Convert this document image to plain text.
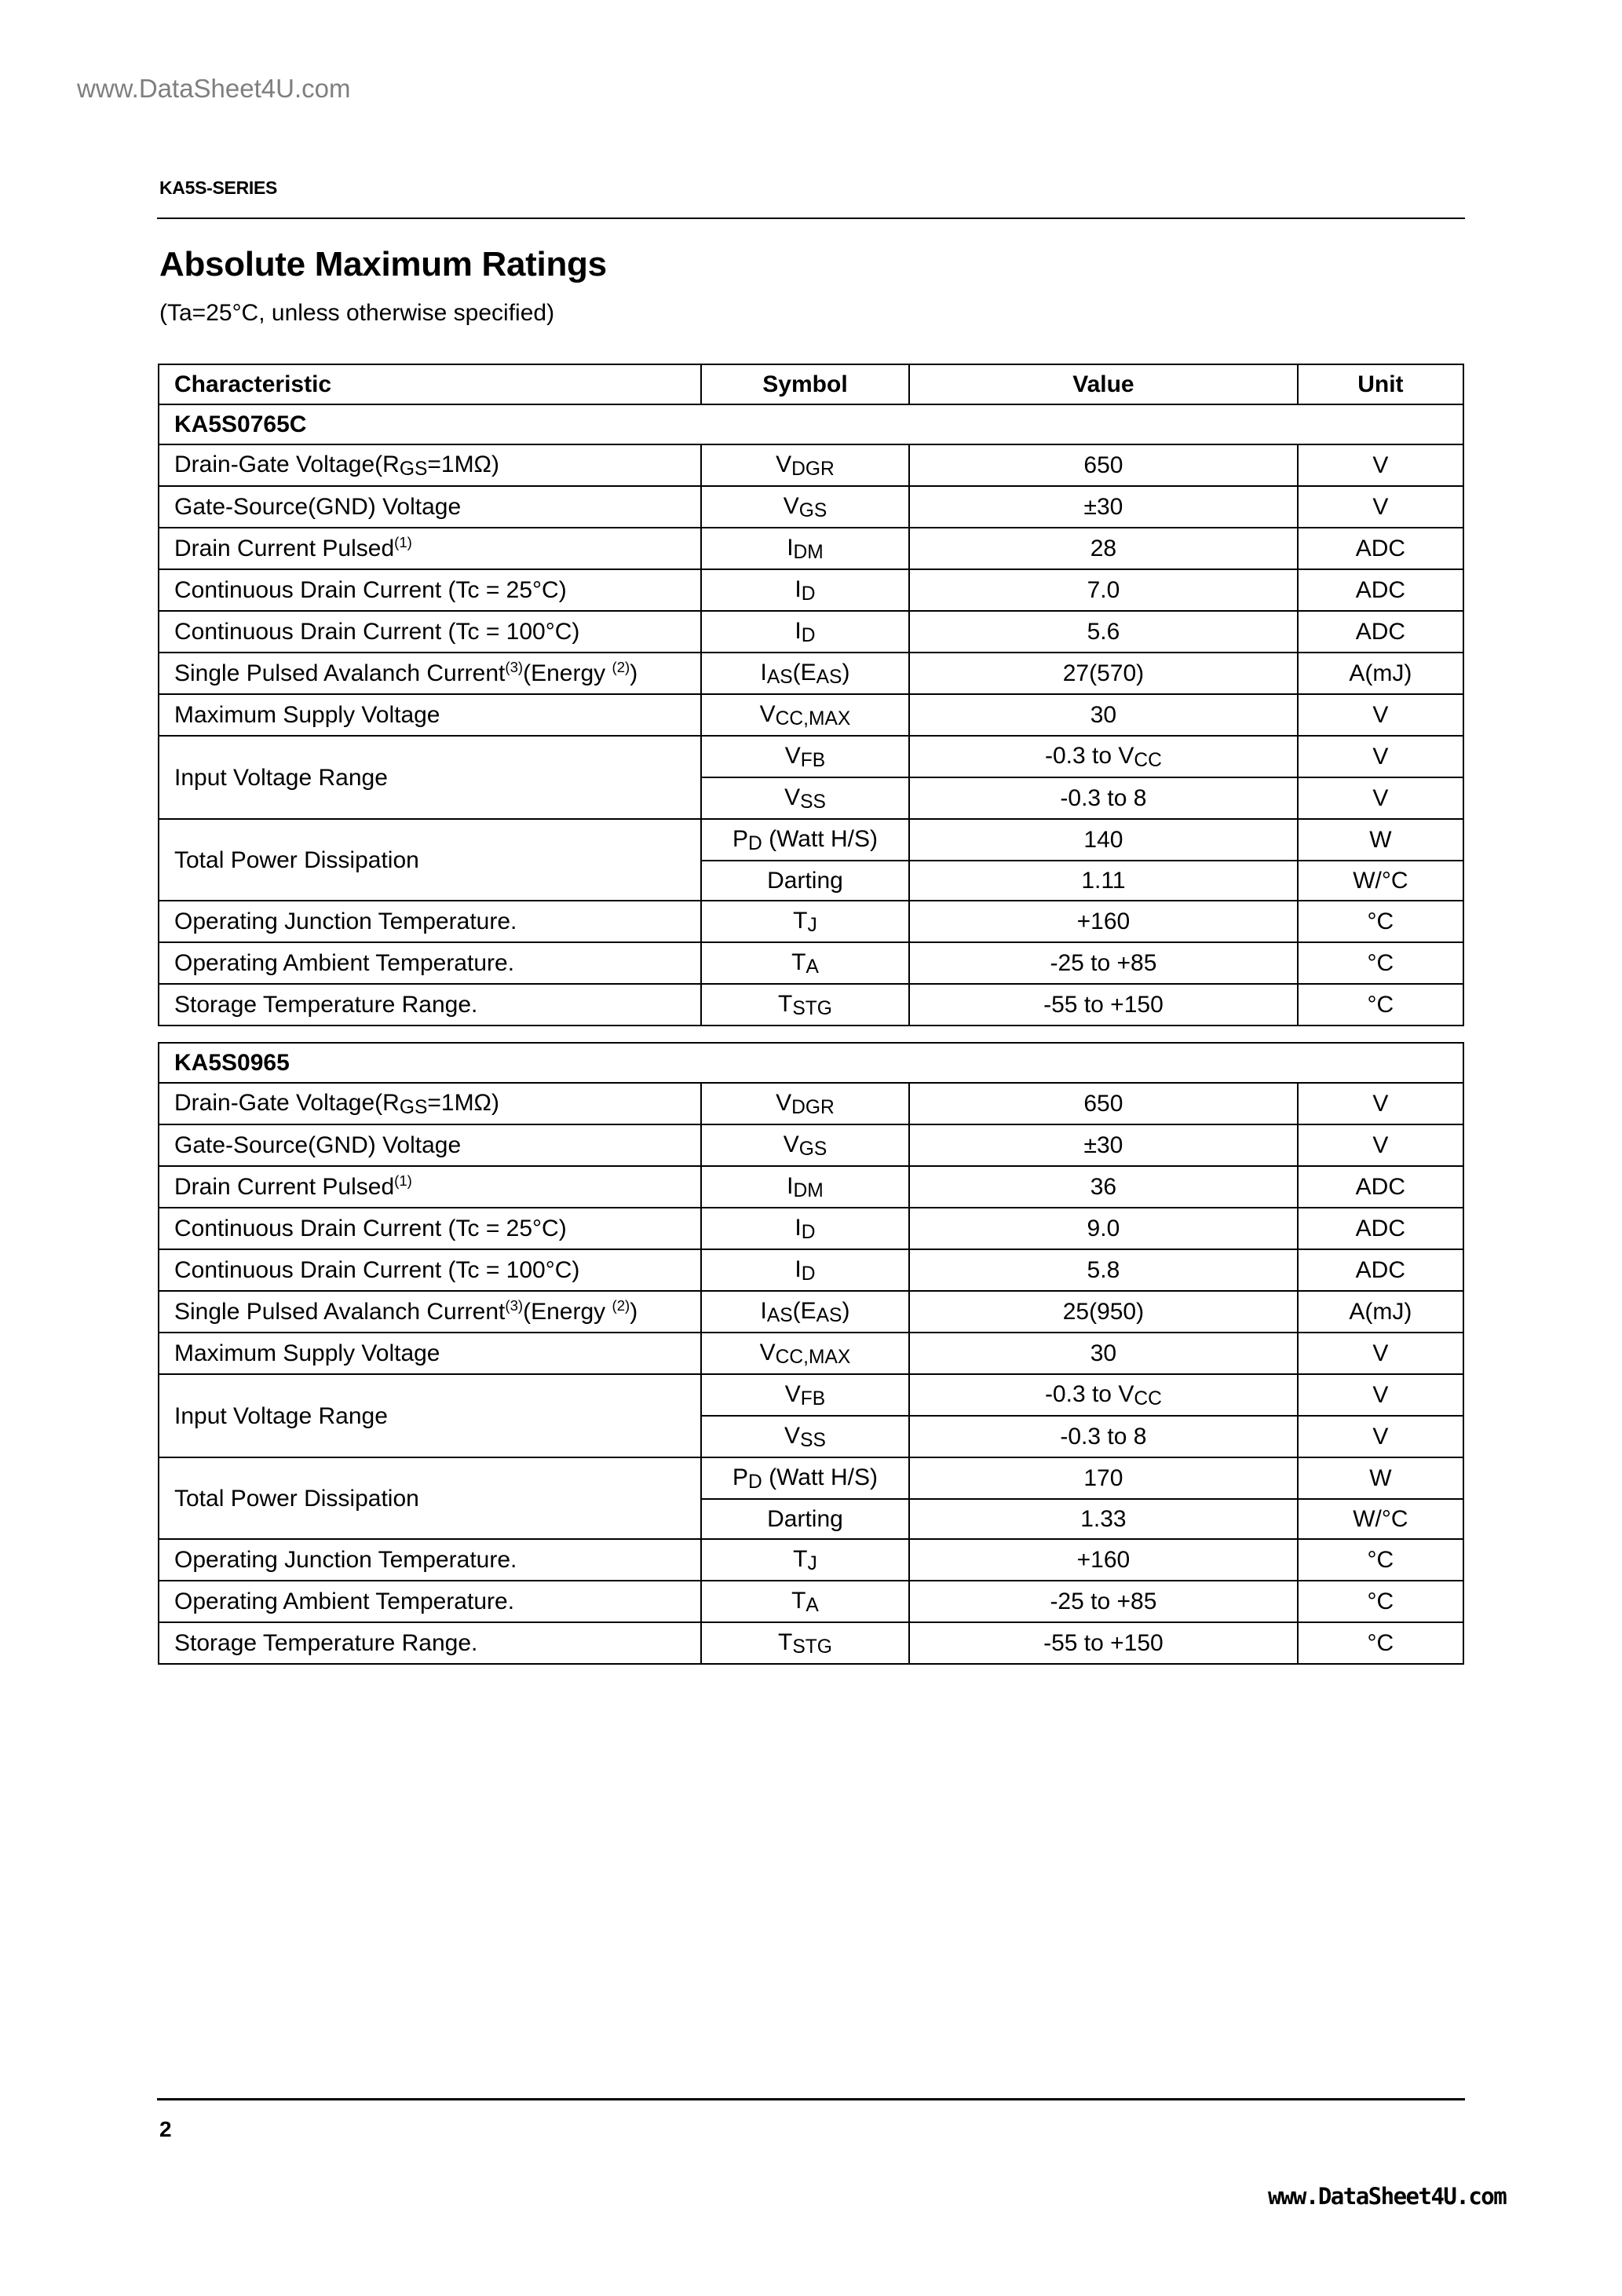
www.DataSheet4U.com
KA5S-SERIES
Absolute Maximum Ratings
(Ta=25°C, unless otherwise specified)
Characteristic	Symbol	Value	Unit
KA5S0765C			
Drain-Gate Voltage(RGS=1MΩ)	VDGR	650	V
Gate-Source(GND) Voltage	VGS	±30	V
Drain Current Pulsed$^{(1)}$	IDM	28	ADC
Continuous Drain Current (Tc = 25°C)	ID	7.0	ADC
Continuous Drain Current (Tc = 100°C)	ID	5.6	ADC
Single Pulsed Avalanch Current$^{(3)}$(Energy $^{(2)}$)	IAS(EAS)	27(570)	A(mJ)
Maximum Supply Voltage	VCC,MAX	30	V
Input Voltage Range	VFB	-0.3 to VCC	V
	VSS	-0.3 to 8	V
Total Power Dissipation	PD (Watt H/S)	140	W
	Darting	1.11	W/°C
Operating Junction Temperature.	TJ	+160	°C
Operating Ambient Temperature.	TA	-25 to +85	°C
Storage Temperature Range.	TSTG	-55 to +150	°C
KA5S0965			
Drain-Gate Voltage(RGS=1MΩ)	VDGR	650	V
Gate-Source(GND) Voltage	VGS	±30	V
Drain Current Pulsed$^{(1)}$	IDM	36	ADC
Continuous Drain Current (Tc = 25°C)	ID	9.0	ADC
Continuous Drain Current (Tc = 100°C)	ID	5.8	ADC
Single Pulsed Avalanch Current$^{(3)}$(Energy $^{(2)}$)	IAS(EAS)	25(950)	A(mJ)
Maximum Supply Voltage	VCC,MAX	30	V
Input Voltage Range	VFB	-0.3 to VCC	V
	VSS	-0.3 to 8	V
Total Power Dissipation	PD (Watt H/S)	170	W
	Darting	1.33	W/°C
Operating Junction Temperature.	TJ	+160	°C
Operating Ambient Temperature.	TA	-25 to +85	°C
Storage Temperature Range.	TSTG	-55 to +150	°C
2
www.DataSheet4U.com
